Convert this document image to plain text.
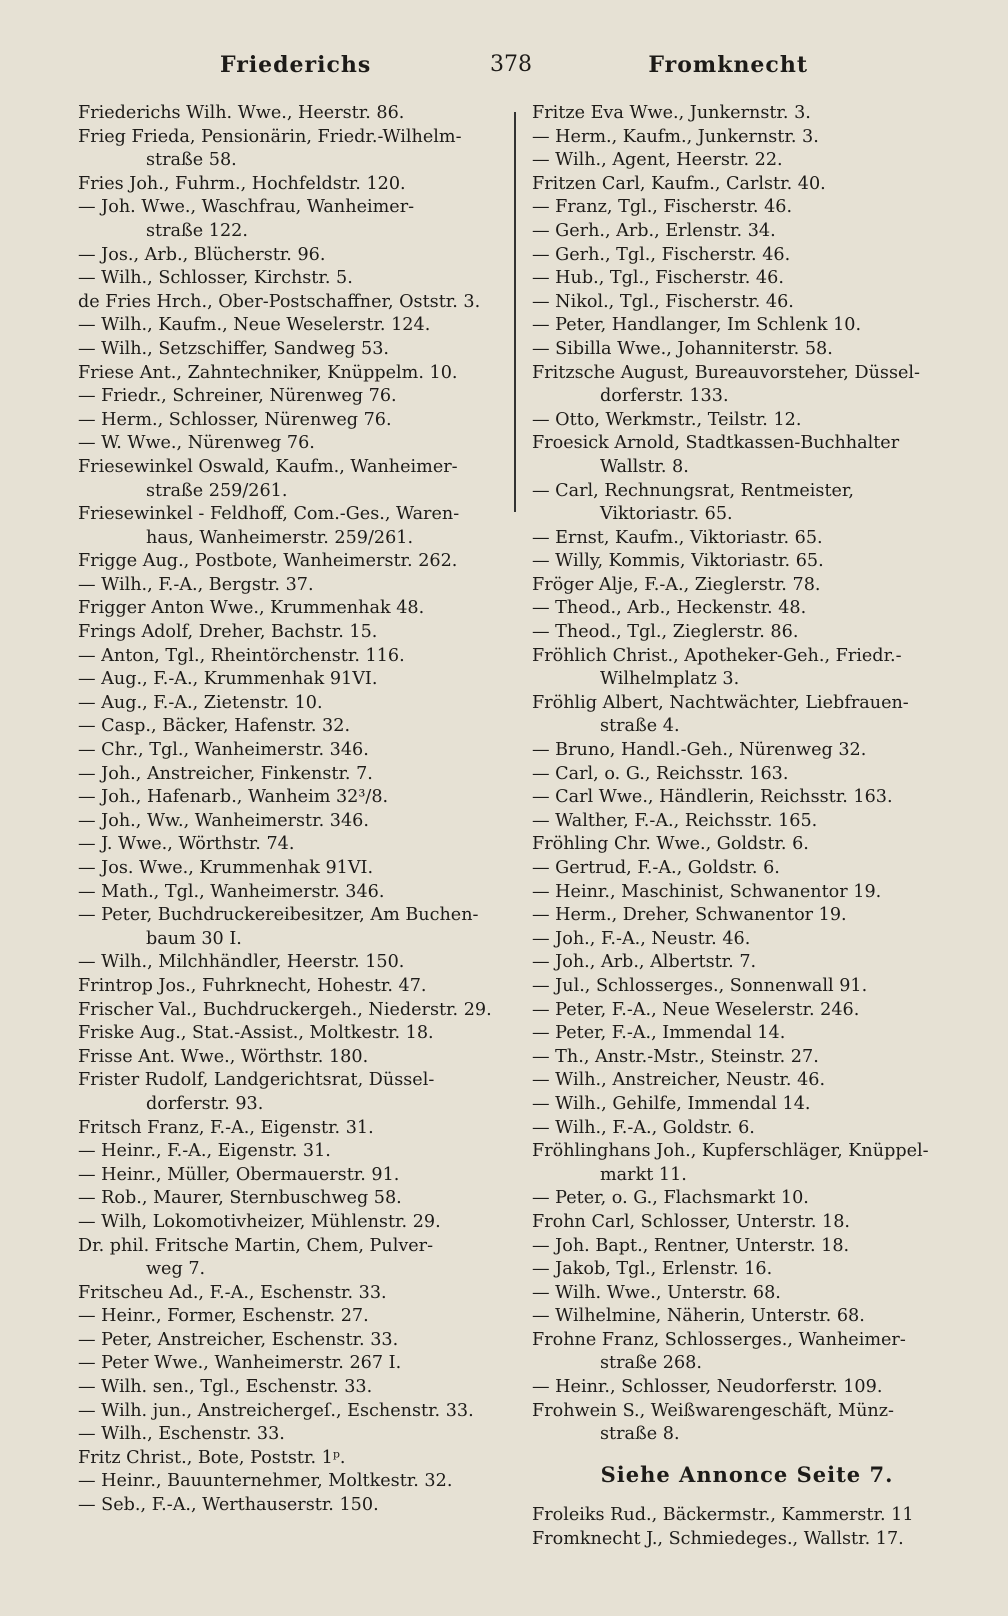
Friederichs	378	Fromknecht
Friederichs Wilh. Wwe., Heerstr. 86.
Frieg Frieda, Pensionärin, Friedr.-Wilhelm-
straße 58.
Fries Joh., Fuhrm., Hochfeldstr. 120.
— Joh. Wwe., Waschfrau, Wanheimer-
straße 122.
— Jos., Arb., Blücherstr. 96.
— Wilh., Schlosser, Kirchstr. 5.
de Fries Hrch., Ober-Postschaffner, Oststr. 3.
— Wilh., Kaufm., Neue Weselerstr. 124.
— Wilh., Setzschiffer, Sandweg 53.
Friese Ant., Zahntechniker, Knüppelm. 10.
— Friedr., Schreiner, Nürenweg 76.
— Herm., Schlosser, Nürenweg 76.
— W. Wwe., Nürenweg 76.
Friesewinkel Oswald, Kaufm., Wanheimer-
straße 259/261.
Friesewinkel - Feldhoff, Com.-Ges., Waren-
haus, Wanheimerstr. 259/261.
Frigge Aug., Postbote, Wanheimerstr. 262.
— Wilh., F.-A., Bergstr. 37.
Frigger Anton Wwe., Krummenhak 48.
Frings Adolf, Dreher, Bachstr. 15.
— Anton, Tgl., Rheintörchenstr. 116.
— Aug., F.-A., Krummenhak 91VI.
— Aug., F.-A., Zietenstr. 10.
— Casp., Bäcker, Hafenstr. 32.
— Chr., Tgl., Wanheimerstr. 346.
— Joh., Anstreicher, Finkenstr. 7.
— Joh., Hafenarb., Wanheim 32³/8.
— Joh., Ww., Wanheimerstr. 346.
— J. Wwe., Wörthstr. 74.
— Jos. Wwe., Krummenhak 91VI.
— Math., Tgl., Wanheimerstr. 346.
— Peter, Buchdruckereibesitzer, Am Buchen-
baum 30 I.
— Wilh., Milchhändler, Heerstr. 150.
Frintrop Jos., Fuhrknecht, Hohestr. 47.
Frischer Val., Buchdruckergeh., Niederstr. 29.
Friske Aug., Stat.-Assist., Moltkestr. 18.
Frisse Ant. Wwe., Wörthstr. 180.
Frister Rudolf, Landgerichtsrat, Düssel-
dorferstr. 93.
Fritsch Franz, F.-A., Eigenstr. 31.
— Heinr., F.-A., Eigenstr. 31.
— Heinr., Müller, Obermauerstr. 91.
— Rob., Maurer, Sternbuschweg 58.
— Wilh, Lokomotivheizer, Mühlenstr. 29.
Dr. phil. Fritsche Martin, Chem, Pulver-
weg 7.
Fritscheu Ad., F.-A., Eschenstr. 33.
— Heinr., Former, Eschenstr. 27.
— Peter, Anstreicher, Eschenstr. 33.
— Peter Wwe., Wanheimerstr. 267 I.
— Wilh. sen., Tgl., Eschenstr. 33.
— Wilh. jun., Anstreichergeſ., Eschenstr. 33.
— Wilh., Eschenstr. 33.
Fritz Christ., Bote, Poststr. 1ᵖ.
— Heinr., Bauunternehmer, Moltkestr. 32.
— Seb., F.-A., Werthauserstr. 150.
Fritze Eva Wwe., Junkernstr. 3.
— Herm., Kaufm., Junkernstr. 3.
— Wilh., Agent, Heerstr. 22.
Fritzen Carl, Kaufm., Carlstr. 40.
— Franz, Tgl., Fischerstr. 46.
— Gerh., Arb., Erlenstr. 34.
— Gerh., Tgl., Fischerstr. 46.
— Hub., Tgl., Fischerstr. 46.
— Nikol., Tgl., Fischerstr. 46.
— Peter, Handlanger, Im Schlenk 10.
— Sibilla Wwe., Johanniterstr. 58.
Fritzsche August, Bureauvorsteher, Düssel-
dorferstr. 133.
— Otto, Werkmstr., Teilstr. 12.
Froesick Arnold, Stadtkassen-Buchhalter
Wallstr. 8.
— Carl, Rechnungsrat, Rentmeister,
Viktoriastr. 65.
— Ernst, Kaufm., Viktoriastr. 65.
— Willy, Kommis, Viktoriastr. 65.
Fröger Alje, F.-A., Zieglerstr. 78.
— Theod., Arb., Heckenstr. 48.
— Theod., Tgl., Zieglerstr. 86.
Fröhlich Christ., Apotheker-Geh., Friedr.-
Wilhelmplatz 3.
Fröhlig Albert, Nachtwächter, Liebfrauen-
straße 4.
— Bruno, Handl.-Geh., Nürenweg 32.
— Carl, o. G., Reichsstr. 163.
— Carl Wwe., Händlerin, Reichsstr. 163.
— Walther, F.-A., Reichsstr. 165.
Fröhling Chr. Wwe., Goldstr. 6.
— Gertrud, F.-A., Goldstr. 6.
— Heinr., Maschinist, Schwanentor 19.
— Herm., Dreher, Schwanentor 19.
— Joh., F.-A., Neustr. 46.
— Joh., Arb., Albertstr. 7.
— Jul., Schlosserges., Sonnenwall 91.
— Peter, F.-A., Neue Weselerstr. 246.
— Peter, F.-A., Immendal 14.
— Th., Anstr.-Mstr., Steinstr. 27.
— Wilh., Anstreicher, Neustr. 46.
— Wilh., Gehilfe, Immendal 14.
— Wilh., F.-A., Goldstr. 6.
Fröhlinghans Joh., Kupferschläger, Knüppel-
markt 11.
— Peter, o. G., Flachsmarkt 10.
Frohn Carl, Schlosser, Unterstr. 18.
— Joh. Bapt., Rentner, Unterstr. 18.
— Jakob, Tgl., Erlenstr. 16.
— Wilh. Wwe., Unterstr. 68.
— Wilhelmine, Näherin, Unterstr. 68.
Frohne Franz, Schlosserges., Wanheimer-
straße 268.
— Heinr., Schlosser, Neudorferstr. 109.
Frohwein S., Weißwarengeschäft, Münz-
straße 8.
Siehe Annonce Seite 7.
Froleiks Rud., Bäckermstr., Kammerstr. 11
Fromknecht J., Schmiedeges., Wallstr. 17.
